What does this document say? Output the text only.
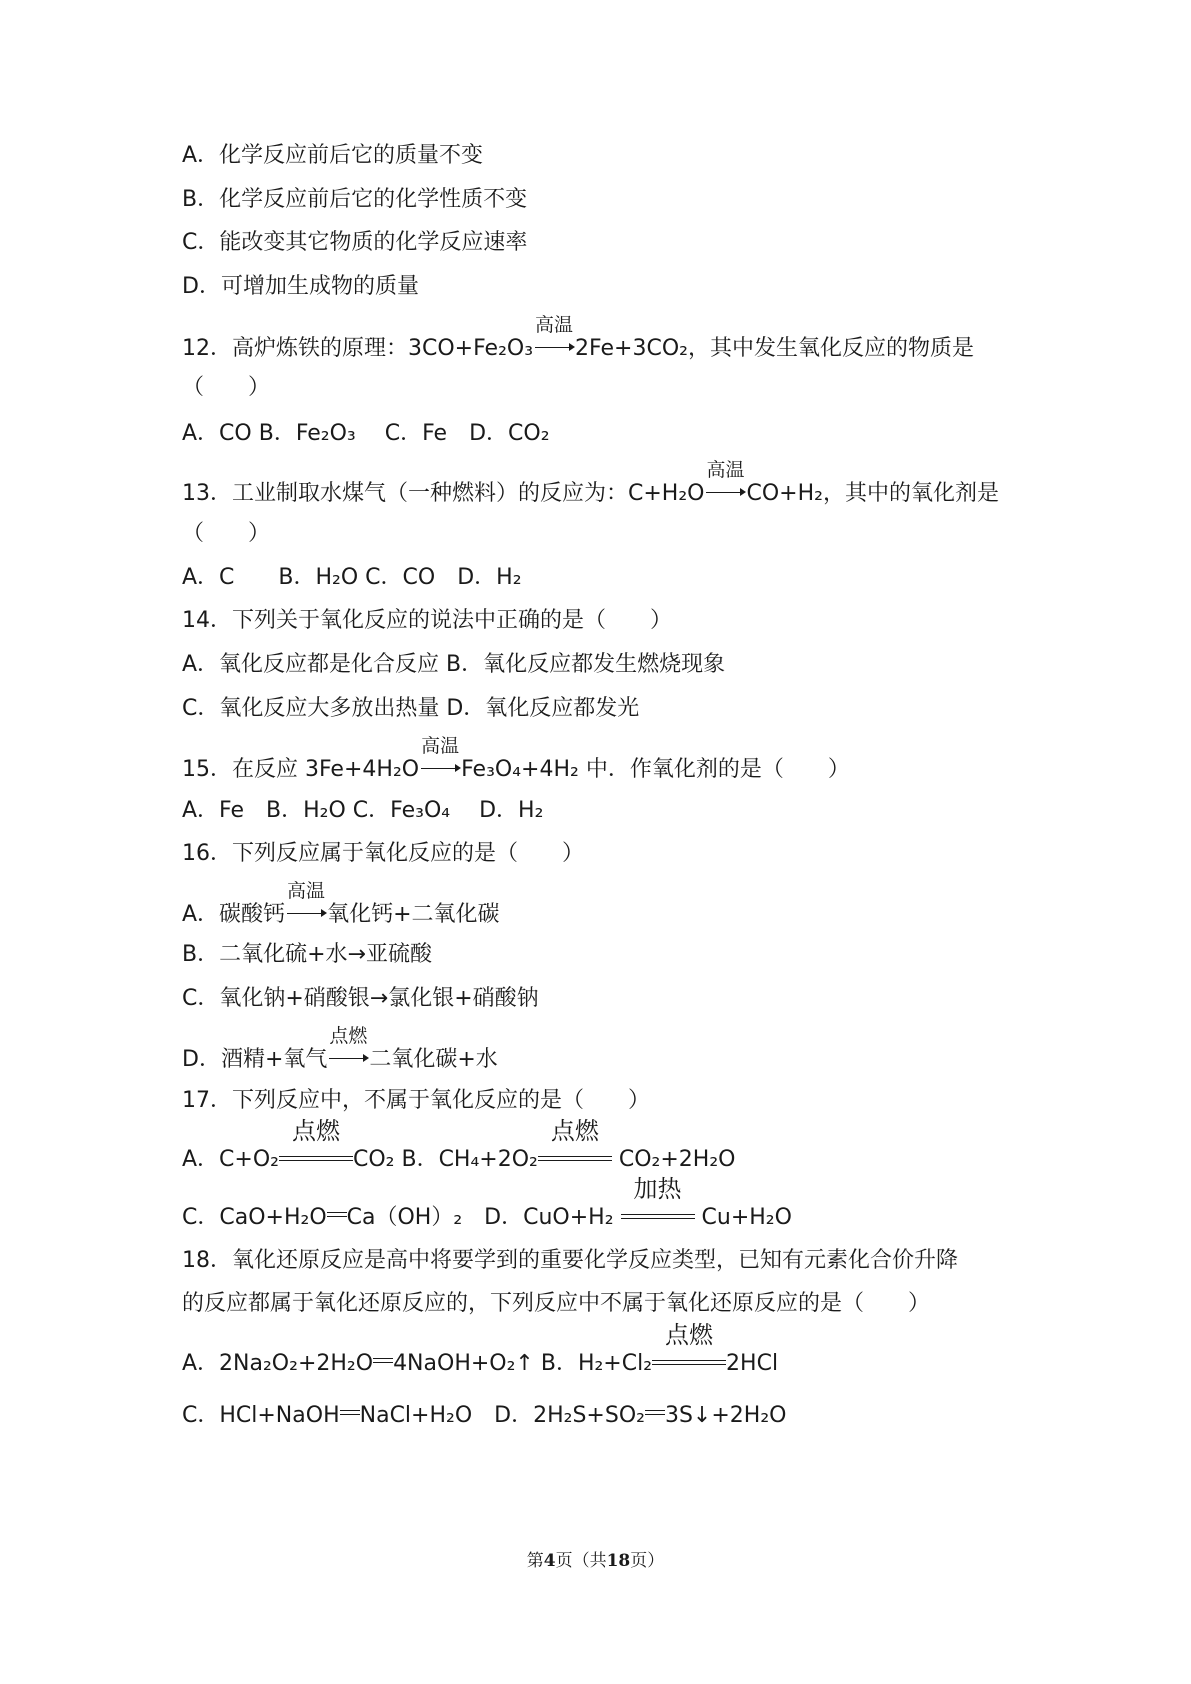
A．化学反应前后它的质量不变
B．化学反应前后它的化学性质不变
C．能改变其它物质的化学反应速率
D．可增加生成物的质量
12．高炉炼铁的原理：3CO+Fe₂O₃
高温
2Fe+3CO₂，其中发生氧化反应的物质是
（　　）
A．CO B．Fe₂O₃　 C．Fe　D．CO₂
13．工业制取水煤气（一种燃料）的反应为：C+H₂O
高温
CO+H₂，其中的氧化剂是
（　　）
A．C　　B．H₂O C．CO　D．H₂
14．下列关于氧化反应的说法中正确的是（　　）
A．氧化反应都是化合反应 B．氧化反应都发生燃烧现象
C．氧化反应大多放出热量 D．氧化反应都发光
15．在反应 3Fe+4H₂O
高温
Fe₃O₄+4H₂ 中．作氧化剂的是（　　）
A．Fe　B．H₂O C．Fe₃O₄　 D．H₂
16．下列反应属于氧化反应的是（　　）
A．碳酸钙
高温
氧化钙+二氧化碳
B．二氧化硫+水→亚硫酸
C．氧化钠+硝酸银→氯化银+硝酸钠
D．酒精+氧气
点燃
二氧化碳+水
17．下列反应中，不属于氧化反应的是（　　）
A．C+O₂
点燃
CO₂ B．CH₄+2O₂
点燃
CO₂+2H₂O
C．CaO+H₂O Ca（OH）₂　D．CuO+H₂
加热
Cu+H₂O
18．氧化还原反应是高中将要学到的重要化学反应类型，已知有元素化合价升降
的反应都属于氧化还原反应的，下列反应中不属于氧化还原反应的是（　　）
A．2Na₂O₂+2H₂O 4NaOH+O₂↑ B．H₂+Cl₂
点燃
2HCl
C．HCl+NaOH NaCl+H₂O　D．2H₂S+SO₂ 3S↓+2H₂O
第4页（共18页）
